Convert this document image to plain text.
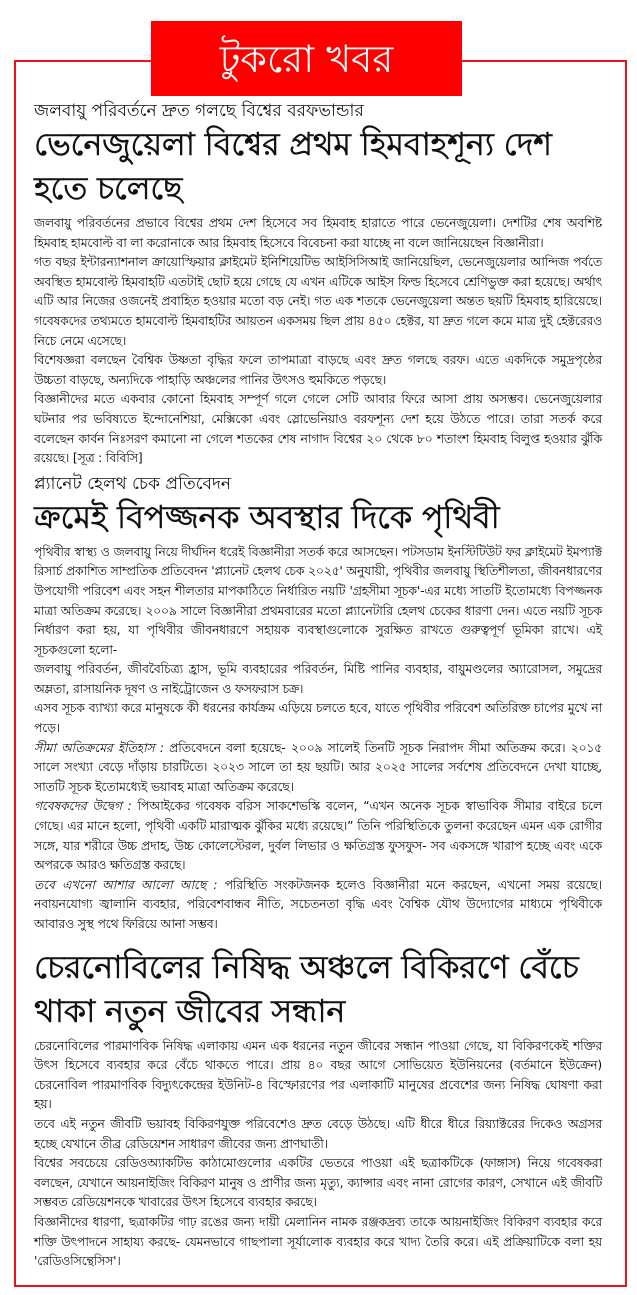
টুকরো খবর

জলবায়ু পরিবর্তনে দ্রুত গলছে বিশ্বের বরফভান্ডার

ভেনেজুয়েলা বিশ্বের প্রথম হিমবাহশূন্য দেশ হতে চলেছে

জলবায়ু পরিবর্তনের প্রভাবে বিশ্বের প্রথম দেশ হিসেবে সব হিমবাহ হারাতে পারে ভেনেজুয়েলা। দেশটির শেষ অবশিষ্ট হিমবাহ হামবোল্ট বা লা করোনাকে আর হিমবাহ হিসেবে বিবেচনা করা যাচ্ছে না বলে জানিয়েছেন বিজ্ঞানীরা।

গত বছর ইন্টারন্যাশনাল ক্রায়োস্ফিয়ার ক্লাইমেট ইনিশিয়েটিভ আইসিসিআই জানিয়েছিল, ভেনেজুয়েলার আন্দিজ পর্বতে অবস্থিত হামবোল্ট হিমবাহটি এতটাই ছোট হয়ে গেছে যে এখন এটিকে আইস ফিল্ড হিসেবে শ্রেণিভুক্ত করা হয়েছে। অর্থাৎ এটি আর নিজের ওজনেই প্রবাহিত হওয়ার মতো বড় নেই। গত এক শতকে ভেনেজুয়েলা অন্তত ছয়টি হিমবাহ হারিয়েছে। গবেষকদের তথ্যমতে হামবোল্ট হিমবাহটির আয়তন একসময় ছিল প্রায় ৪৫০ হেক্টর, যা দ্রুত গলে কমে মাত্র দুই হেক্টরেরও নিচে নেমে এসেছে।

বিশেষজ্ঞরা বলছেন বৈশ্বিক উষ্ণতা বৃদ্ধির ফলে তাপমাত্রা বাড়ছে এবং দ্রুত গলছে বরফ। এতে একদিকে সমুদ্রপৃষ্ঠের উচ্চতা বাড়ছে, অন্যদিকে পাহাড়ি অঞ্চলের পানির উৎসও হুমকিতে পড়ছে।

বিজ্ঞানীদের মতে একবার কোনো হিমবাহ সম্পূর্ণ গলে গেলে সেটি আবার ফিরে আসা প্রায় অসম্ভব। ভেনেজুয়েলার ঘটনার পর ভবিষ্যতে ইন্দোনেশিয়া, মেক্সিকো এবং স্লোভেনিয়াও বরফশূন্য দেশ হয়ে উঠতে পারে। তারা সতর্ক করে বলেছেন কার্বন নিঃসরণ কমানো না গেলে শতকের শেষ নাগাদ বিশ্বের ২০ থেকে ৮০ শতাংশ হিমবাহ বিলুপ্ত হওয়ার ঝুঁকি রয়েছে। [সূত্র : বিবিসি]

প্ল্যানেট হেলথ চেক প্রতিবেদন

ক্রমেই বিপজ্জনক অবস্থার দিকে পৃথিবী

পৃথিবীর স্বাস্থ্য ও জলবায়ু নিয়ে দীর্ঘদিন ধরেই বিজ্ঞানীরা সতর্ক করে আসছেন। পটসডাম ইনস্টিটিউট ফর ক্লাইমেট ইমপ্যাক্ট রিসার্চ প্রকাশিত সাম্প্রতিক প্রতিবেদন 'প্ল্যানেট হেলথ চেক ২০২৫' অনুযায়ী, পৃথিবীর জলবায়ু স্থিতিশীলতা, জীবনধারণের উপযোগী পরিবেশ এবং সহন শীলতার মাপকাঠিতে নির্ধারিত নয়টি 'গ্রহসীমা সূচক'-এর মধ্যে সাতটি ইতোমধ্যে বিপজ্জনক মাত্রা অতিক্রম করেছে। ২০০৯ সালে বিজ্ঞানীরা প্রথমবারের মতো প্ল্যানেটারি হেলথ চেকের ধারণা দেন। এতে নয়টি সূচক নির্ধারণ করা হয়, যা পৃথিবীর জীবনধারণে সহায়ক ব্যবস্থাগুলোকে সুরক্ষিত রাখতে গুরুত্বপূর্ণ ভূমিকা রাখে। এই সূচকগুলো হলো-

জলবায়ু পরিবর্তন, জীববৈচিত্র্য হ্রাস, ভূমি ব্যবহারের পরিবর্তন, মিষ্টি পানির ব্যবহার, বায়ুমণ্ডলের অ্যারোসল, সমুদ্রের অম্লতা, রাসায়নিক দূষণ ও নাইট্রোজেন ও ফসফরাস চক্র।

এসব সূচক ব্যাখ্যা করে মানুষকে কী ধরনের কার্যক্রম এড়িয়ে চলতে হবে, যাতে পৃথিবীর পরিবেশ অতিরিক্ত চাপের মুখে না পড়ে।

সীমা অতিক্রমের ইতিহাস : প্রতিবেদনে বলা হয়েছে- ২০০৯ সালেই তিনটি সূচক নিরাপদ সীমা অতিক্রম করে। ২০১৫ সালে সংখ্যা বেড়ে দাঁড়ায় চারটিতে। ২০২৩ সালে তা হয় ছয়টি। আর ২০২৫ সালের সর্বশেষ প্রতিবেদনে দেখা যাচ্ছে, সাতটি সূচক ইতোমধ্যেই ভয়াবহ মাত্রা অতিক্রম করেছে।

গবেষকদের উদ্বেগ : পিআইকের গবেষক বরিস সাকশেভস্কি বলেন, “এখন অনেক সূচক স্বাভাবিক সীমার বাইরে চলে গেছে। এর মানে হলো, পৃথিবী একটি মারাত্মক ঝুঁকির মধ্যে রয়েছে।” তিনি পরিস্থিতিকে তুলনা করেছেন এমন এক রোগীর সঙ্গে, যার শরীরে উচ্চ প্রদাহ, উচ্চ কোলেস্টেরল, দুর্বল লিভার ও ক্ষতিগ্রস্ত ফুসফুস- সব একসঙ্গে খারাপ হচ্ছে এবং একে অপরকে আরও ক্ষতিগ্রস্ত করছে।

তবে এখনো আশার আলো আছে : পরিস্থিতি সংকটজনক হলেও বিজ্ঞানীরা মনে করছেন, এখনো সময় রয়েছে। নবায়নযোগ্য জ্বালানি ব্যবহার, পরিবেশবান্ধব নীতি, সচেতনতা বৃদ্ধি এবং বৈশ্বিক যৌথ উদ্যোগের মাধ্যমে পৃথিবীকে আবারও সুস্থ পথে ফিরিয়ে আনা সম্ভব।

চেরনোবিলের নিষিদ্ধ অঞ্চলে বিকিরণে বেঁচে থাকা নতুন জীবের সন্ধান

চেরনোবিলের পারমাণবিক নিষিদ্ধ এলাকায় এমন এক ধরনের নতুন জীবের সন্ধান পাওয়া গেছে, যা বিকিরণকেই শক্তির উৎস হিসেবে ব্যবহার করে বেঁচে থাকতে পারে। প্রায় ৪০ বছর আগে সোভিয়েত ইউনিয়নের (বর্তমানে ইউক্রেন) চেরনোবিল পারমাণবিক বিদ্যুৎকেন্দ্রের ইউনিট-৪ বিস্ফোরণের পর এলাকাটি মানুষের প্রবেশের জন্য নিষিদ্ধ ঘোষণা করা হয়।

তবে এই নতুন জীবটি ভয়াবহ বিকিরণযুক্ত পরিবেশেও দ্রুত বেড়ে উঠছে। এটি ধীরে ধীরে রিয়্যাক্টরের দিকেও অগ্রসর হচ্ছে যেখানে তীব্র রেডিয়েশন সাধারণ জীবের জন্য প্রাণঘাতী।

বিশ্বের সবচেয়ে রেডিওঅ্যাকটিভ কাঠামোগুলোর একটির ভেতরে পাওয়া এই ছত্রাকটিকে (ফাঙ্গাস) নিয়ে গবেষকরা বলছেন, যেখানে আয়নাইজিং বিকিরণ মানুষ ও প্রাণীর জন্য মৃত্যু, ক্যান্সার এবং নানা রোগের কারণ, সেখানে এই জীবটি সম্ভবত রেডিয়েশনকে খাবারের উৎস হিসেবে ব্যবহার করছে।

বিজ্ঞানীদের ধারণা, ছত্রাকটির গাঢ় রঙের জন্য দায়ী মেলানিন নামক রঞ্জকদ্রব্য তাকে আয়নাইজিং বিকিরণ ব্যবহার করে শক্তি উৎপাদনে সাহায্য করছে- যেমনভাবে গাছপালা সূর্যালোক ব্যবহার করে খাদ্য তৈরি করে। এই প্রক্রিয়াটিকে বলা হয় 'রেডিওসিন্থেসিস'।
